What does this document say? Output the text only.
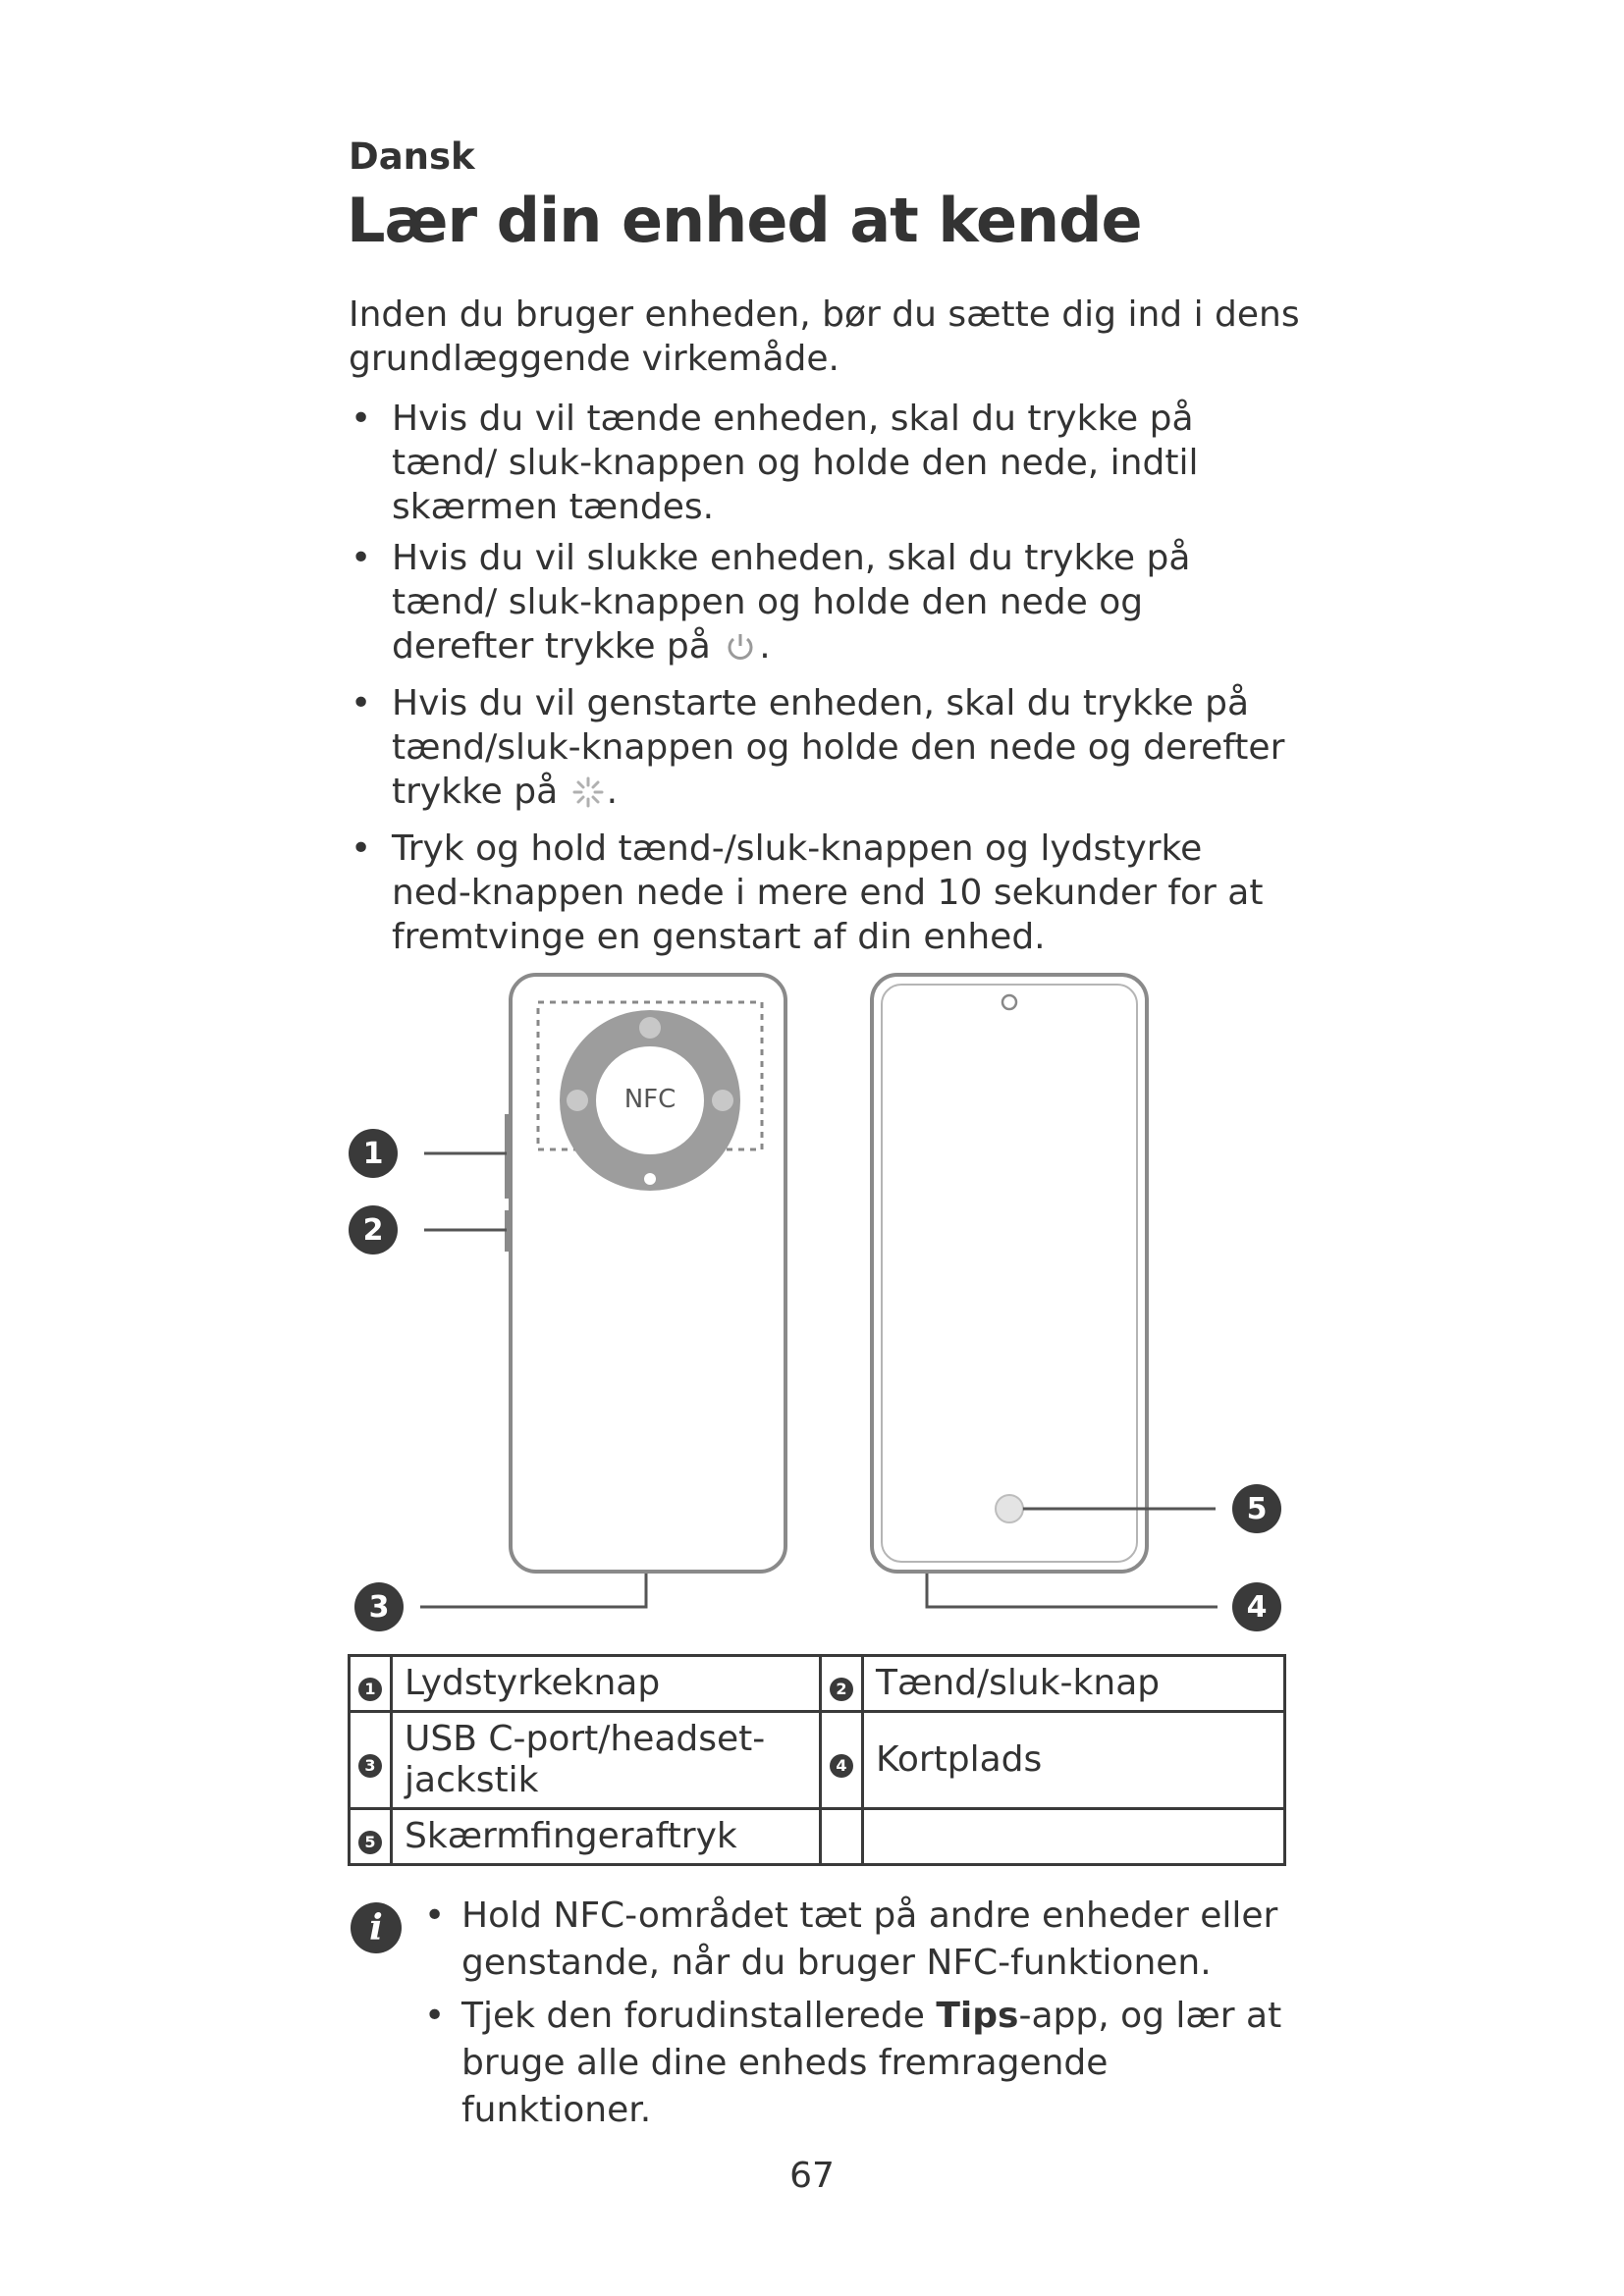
Dansk
Lær din enhed at kende
Inden du bruger enheden, bør du sætte dig ind i dens grundlæggende virkemåde.
• Hvis du vil tænde enheden, skal du trykke på tænd/ sluk-knappen og holde den nede, indtil skærmen tændes.
• Hvis du vil slukke enheden, skal du trykke på tænd/ sluk-knappen og holde den nede og derefter trykke på .
• Hvis du vil genstarte enheden, skal du trykke på tænd/sluk-knappen og holde den nede og derefter trykke på .
• Tryk og hold tænd-/sluk-knappen og lydstyrke ned-knappen nede i mere end 10 sekunder for at fremtvinge en genstart af din enhed.
NFC
1
2
3	4
5
1	Lydstyrkeknap	2	Tænd/sluk-knap
3	USB C-port/headset-jackstik	4	Kortplads
5	Skærmfingeraftryk		
i	• Hold NFC-området tæt på andre enheder eller genstande, når du bruger NFC-funktionen.
• Tjek den forudinstallerede Tips-app, og lær at bruge alle dine enheds fremragende funktioner.
67
